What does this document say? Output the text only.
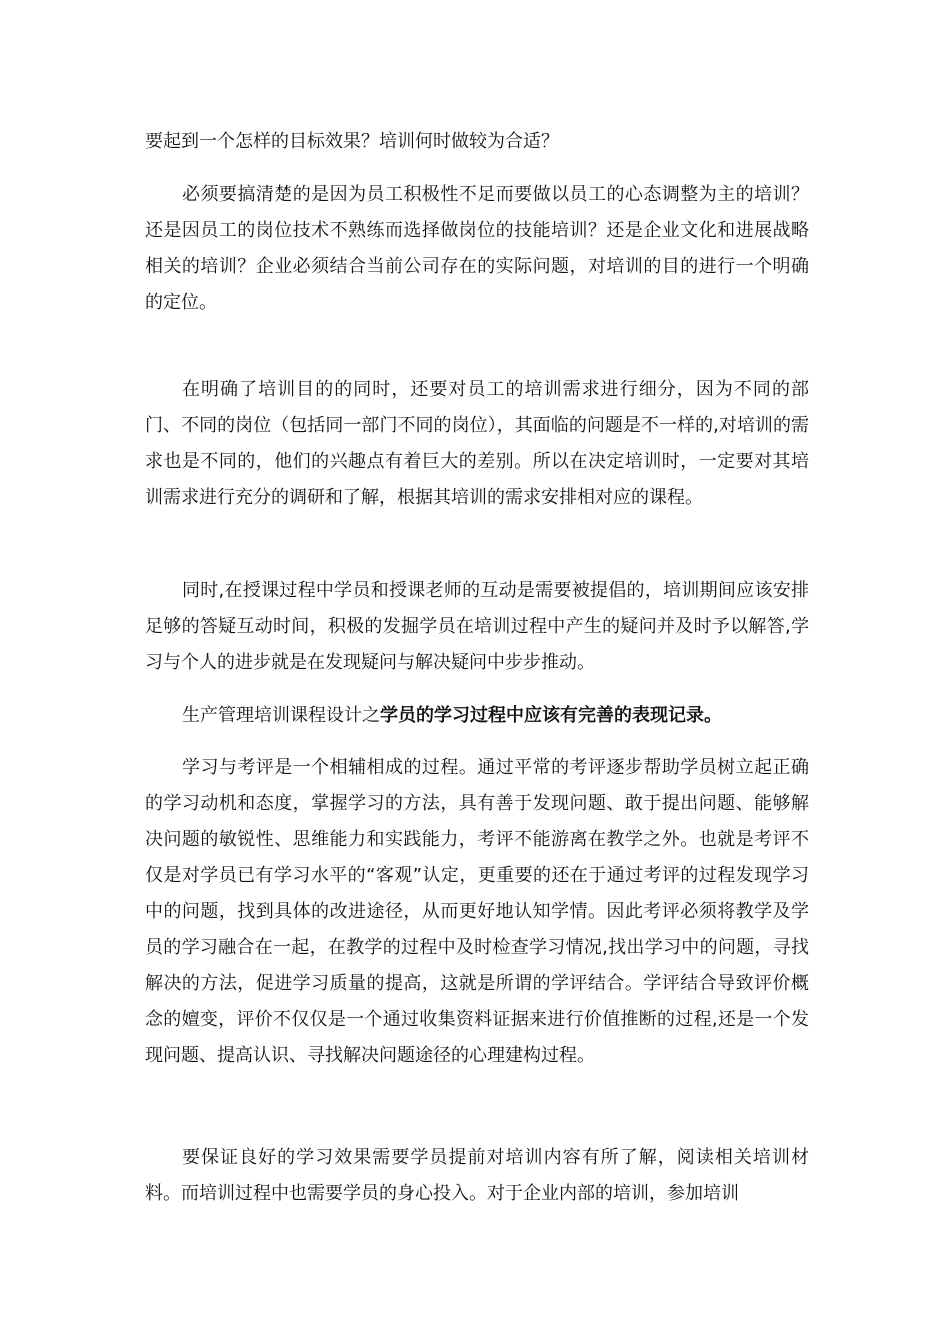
要起到一个怎样的目标效果？培训何时做较为合适？

必须要搞清楚的是因为员工积极性不足而要做以员工的心态调整为主的培训？还是因员工的岗位技术不熟练而选择做岗位的技能培训？还是企业文化和进展战略相关的培训？企业必须结合当前公司存在的实际问题，对培训的目的进行一个明确的定位。

在明确了培训目的的同时，还要对员工的培训需求进行细分，因为不同的部门、不同的岗位（包括同一部门不同的岗位），其面临的问题是不一样的,对培训的需求也是不同的，他们的兴趣点有着巨大的差别。所以在决定培训时，一定要对其培训需求进行充分的调研和了解，根据其培训的需求安排相对应的课程。

同时,在授课过程中学员和授课老师的互动是需要被提倡的，培训期间应该安排足够的答疑互动时间，积极的发掘学员在培训过程中产生的疑问并及时予以解答,学习与个人的进步就是在发现疑问与解决疑问中步步推动。

生产管理培训课程设计之学员的学习过程中应该有完善的表现记录。

学习与考评是一个相辅相成的过程。通过平常的考评逐步帮助学员树立起正确的学习动机和态度，掌握学习的方法，具有善于发现问题、敢于提出问题、能够解决问题的敏锐性、思维能力和实践能力，考评不能游离在教学之外。也就是考评不仅是对学员已有学习水平的“客观”认定，更重要的还在于通过考评的过程发现学习中的问题，找到具体的改进途径，从而更好地认知学情。因此考评必须将教学及学员的学习融合在一起，在教学的过程中及时检查学习情况,找出学习中的问题，寻找解决的方法，促进学习质量的提高，这就是所谓的学评结合。学评结合导致评价概念的嬗变，评价不仅仅是一个通过收集资料证据来进行价值推断的过程,还是一个发现问题、提高认识、寻找解决问题途径的心理建构过程。

要保证良好的学习效果需要学员提前对培训内容有所了解，阅读相关培训材料。而培训过程中也需要学员的身心投入。对于企业内部的培训，参加培训
